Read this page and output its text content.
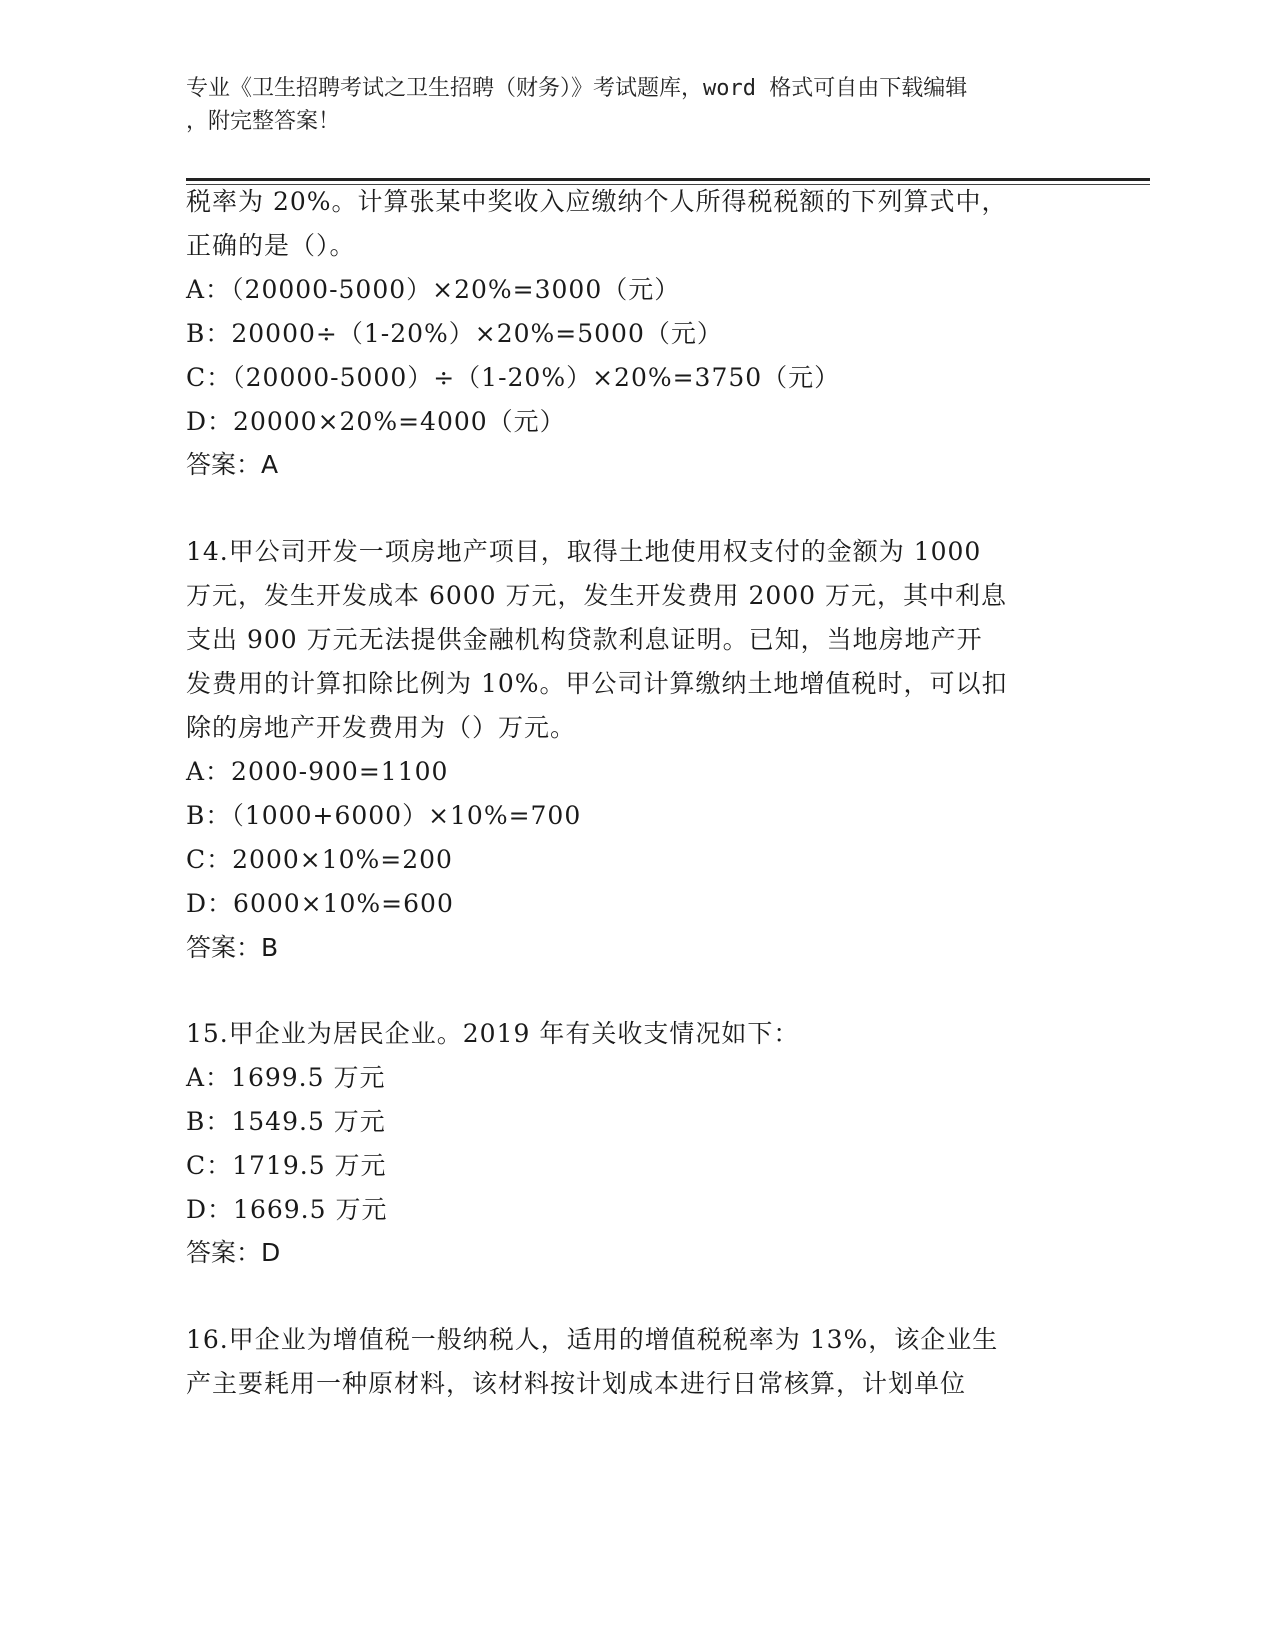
专业《卫生招聘考试之卫生招聘（财务）》考试题库，word 格式可自由下载编辑
，附完整答案！
税率为 20%。计算张某中奖收入应缴纳个人所得税税额的下列算式中，
正确的是（）。
A：（20000-5000）×20%=3000（元）
B：20000÷（1-20%）×20%=5000（元）
C：（20000-5000）÷（1-20%）×20%=3750（元）
D：20000×20%=4000（元）
答案：A
14.甲公司开发一项房地产项目，取得土地使用权支付的金额为 1000
万元，发生开发成本 6000 万元，发生开发费用 2000 万元，其中利息
支出 900 万元无法提供金融机构贷款利息证明。已知，当地房地产开
发费用的计算扣除比例为 10%。甲公司计算缴纳土地增值税时，可以扣
除的房地产开发费用为（）万元。
A：2000-900=1100
B：（1000+6000）×10%=700
C：2000×10%=200
D：6000×10%=600
答案：B
15.甲企业为居民企业。2019 年有关收支情况如下：
A：1699.5 万元
B：1549.5 万元
C：1719.5 万元
D：1669.5 万元
答案：D
16.甲企业为增值税一般纳税人，适用的增值税税率为 13%，该企业生
产主要耗用一种原材料，该材料按计划成本进行日常核算，计划单位
